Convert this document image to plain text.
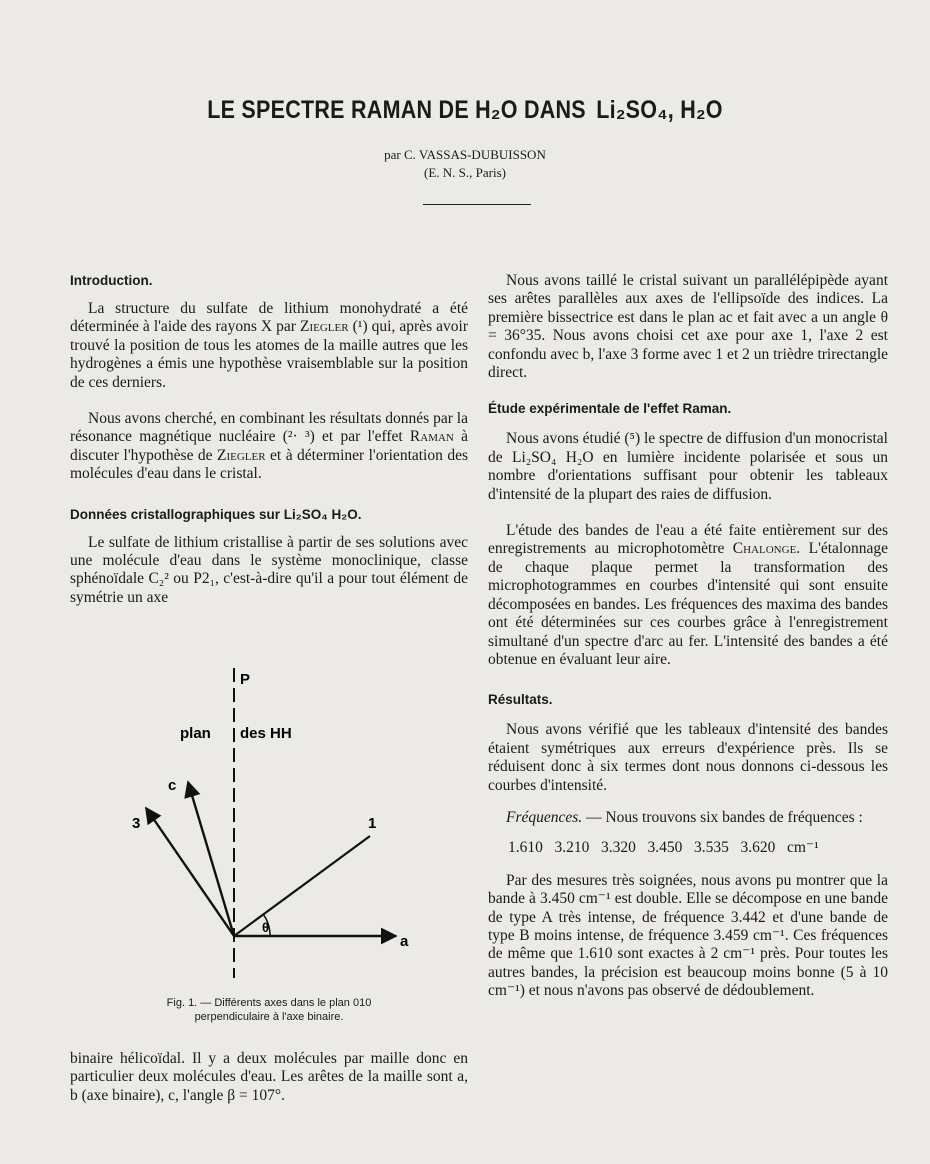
LE SPECTRE RAMAN DE H₂O DANS Li₂SO₄, H₂O
par C. VASSAS-DUBUISSON
(E. N. S., Paris)
Introduction.

La structure du sulfate de lithium monohydraté a été déterminée à l'aide des rayons X par Ziegler (¹) qui, après avoir trouvé la position de tous les atomes de la maille autres que les hydrogènes a émis une hypothèse vraisemblable sur la position de ces derniers.

Nous avons cherché, en combinant les résultats donnés par la résonance magnétique nucléaire (²· ³) et par l'effet Raman à discuter l'hypothèse de Ziegler et à déterminer l'orientation des molécules d'eau dans le cristal.

Données cristallographiques sur Li₂SO₄ H₂O.

Le sulfate de lithium cristallise à partir de ses solutions avec une molécule d'eau dans le système monoclinique, classe sphénoïdale C₂² ou P2₁, c'est-à-dire qu'il a pour tout élément de symétrie un axe

P
plan des HH
c
3	1
θ
a
Fig. 1. — Différents axes dans le plan 010
perpendiculaire à l'axe binaire.

binaire hélicoïdal. Il y a deux molécules par maille donc en particulier deux molécules d'eau. Les arêtes de la maille sont a, b (axe binaire), c, l'angle β = 107°.

Nous avons taillé le cristal suivant un parallélépipède ayant ses arêtes parallèles aux axes de l'ellipsoïde des indices. La première bissectrice est dans le plan ac et fait avec a un angle θ = 36°35. Nous avons choisi cet axe pour axe 1, l'axe 2 est confondu avec b, l'axe 3 forme avec 1 et 2 un trièdre trirectangle direct.

Étude expérimentale de l'effet Raman.

Nous avons étudié (⁵) le spectre de diffusion d'un monocristal de Li₂SO₄ H₂O en lumière incidente polarisée et sous un nombre d'orientations suffisant pour obtenir les tableaux d'intensité de la plupart des raies de diffusion.

L'étude des bandes de l'eau a été faite entièrement sur des enregistrements au microphotomètre Chalonge. L'étalonnage de chaque plaque permet la transformation des microphotogrammes en courbes d'intensité qui sont ensuite décomposées en bandes. Les fréquences des maxima des bandes ont été déterminées sur ces courbes grâce à l'enregistrement simultané d'un spectre d'arc au fer. L'intensité des bandes a été obtenue en évaluant leur aire.

Résultats.

Nous avons vérifié que les tableaux d'intensité des bandes étaient symétriques aux erreurs d'expérience près. Ils se réduisent donc à six termes dont nous donnons ci-dessous les courbes d'intensité.

Fréquences. — Nous trouvons six bandes de fréquences :

1.610   3.210   3.320   3.450   3.535   3.620   cm⁻¹

Par des mesures très soignées, nous avons pu montrer que la bande à 3.450 cm⁻¹ est double. Elle se décompose en une bande de type A très intense, de fréquence 3.442 et d'une bande de type B moins intense, de fréquence 3.459 cm⁻¹. Ces fréquences de même que 1.610 sont exactes à 2 cm⁻¹ près. Pour toutes les autres bandes, la précision est beaucoup moins bonne (5 à 10 cm⁻¹) et nous n'avons pas observé de dédoublement.
